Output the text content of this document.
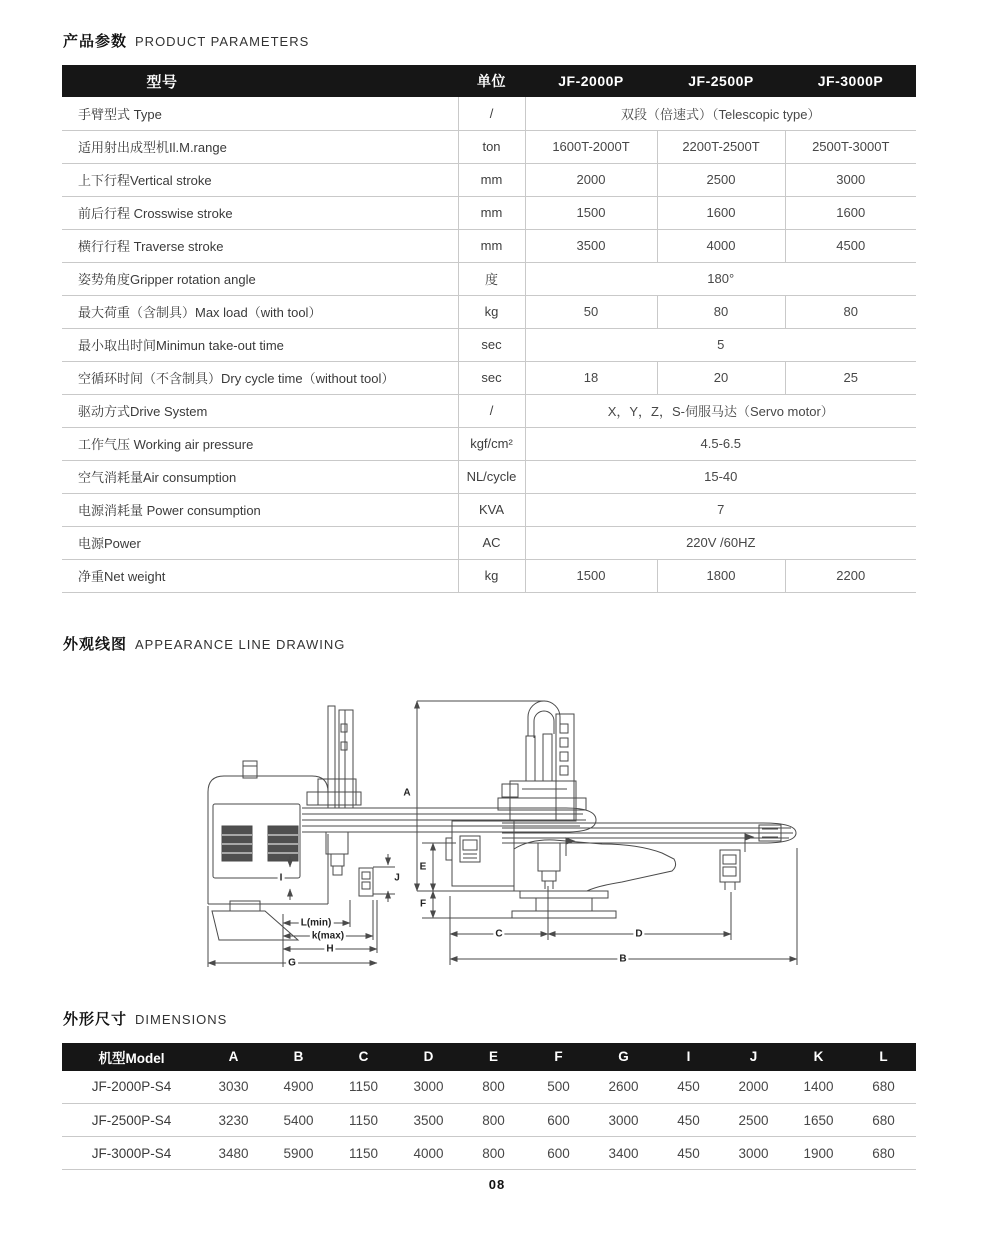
产品参数 PRODUCT PARAMETERS
型号	单位	JF-2000P	JF-2500P	JF-3000P
手臂型式 Type	/	双段（倍速式）（Telescopic type）		
适用射出成型机Il.M.range	ton	1600T-2000T	2200T-2500T	2500T-3000T
上下行程Vertical stroke	mm	2000	2500	3000
前后行程 Crosswise stroke	mm	1500	1600	1600
横行行程 Traverse stroke	mm	3500	4000	4500
姿势角度Gripper rotation angle	度	180°		
最大荷重（含制具）Max load（with tool）	kg	50	80	80
最小取出时间Minimun take-out time	sec	5		
空循环时间（不含制具）Dry cycle time（without tool）	sec	18	20	25
驱动方式Drive System	/	X，Y，Z，S-伺服马达（Servo motor）		
工作气压 Working air pressure	kgf/cm²	4.5-6.5		
空气消耗量Air consumption	NL/cycle	15-40		
电源消耗量 Power consumption	KVA	7		
电源Power	AC	220V /60HZ		
净重Net weight	kg	1500	1800	2200
外观线图 APPEARANCE LINE DRAWING
A
E
F
I	J
L(min)
k(max)
H
G
C	D
B
外形尺寸 DIMENSIONS
机型Model	A	B	C	D	E	F	G	I	J	K	L
JF-2000P-S4	3030	4900	1150	3000	800	500	2600	450	2000	1400	680
JF-2500P-S4	3230	5400	1150	3500	800	600	3000	450	2500	1650	680
JF-3000P-S4	3480	5900	1150	4000	800	600	3400	450	3000	1900	680
08
